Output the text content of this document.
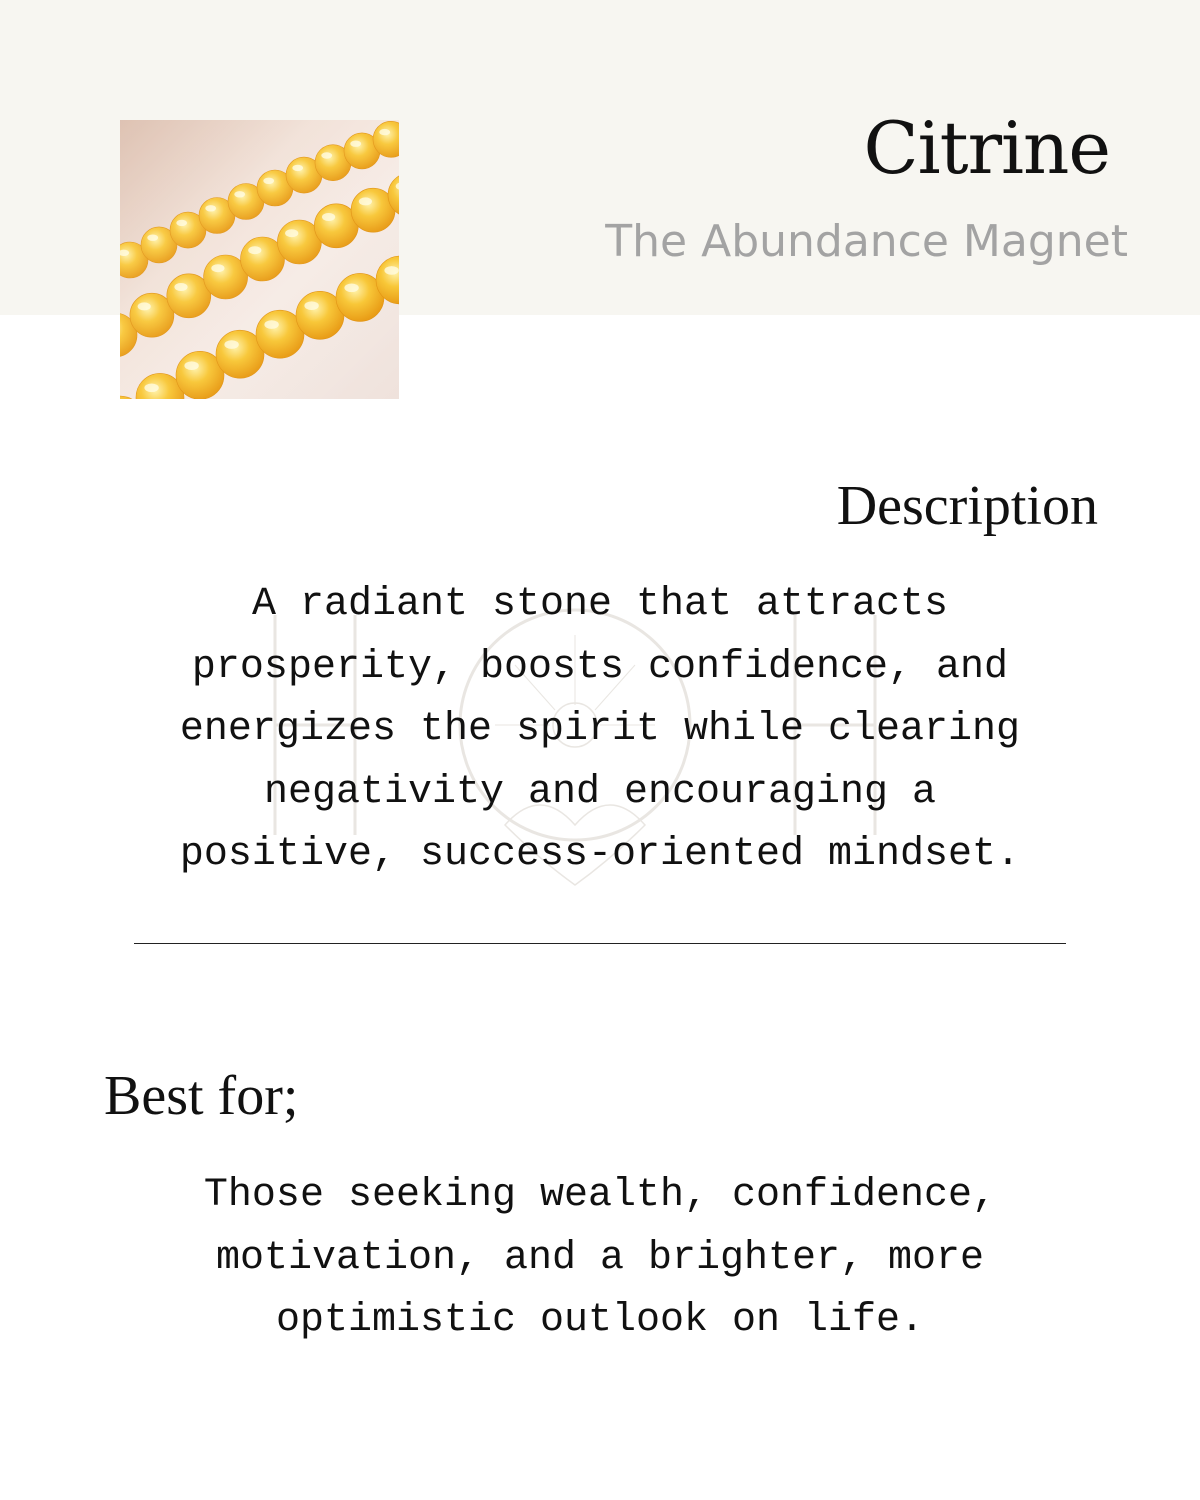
Citrine
The Abundance Magnet
Description
A radiant stone that attracts
prosperity, boosts confidence, and
energizes the spirit while clearing
negativity and encouraging a
positive, success-oriented mindset.
Best for;
Those seeking wealth, confidence,
motivation, and a brighter, more
optimistic outlook on life.
